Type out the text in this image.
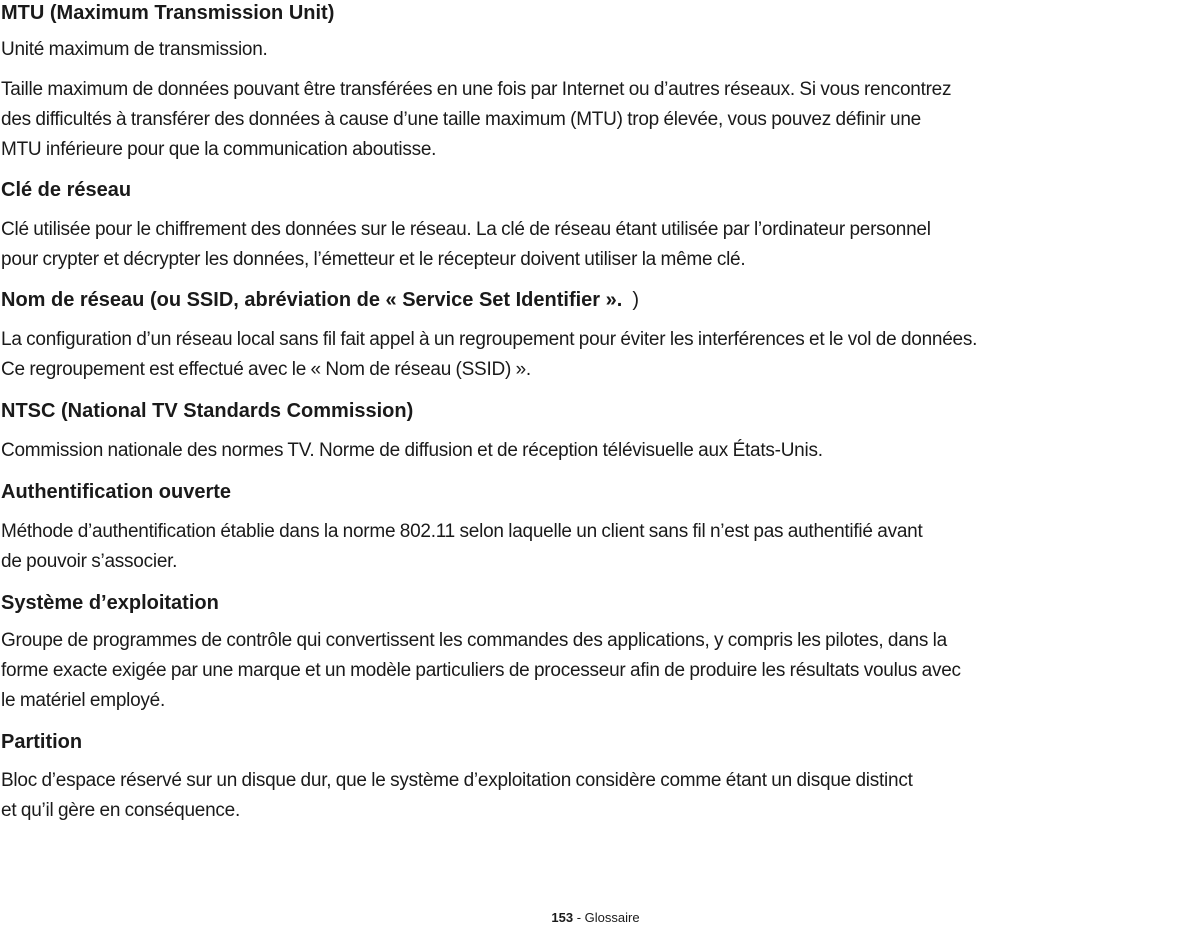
MTU (Maximum Transmission Unit)
Unité maximum de transmission.
Taille maximum de données pouvant être transférées en une fois par Internet ou d’autres réseaux. Si vous rencontrez
des difficultés à transférer des données à cause d’une taille maximum (MTU) trop élevée, vous pouvez définir une
MTU inférieure pour que la communication aboutisse.
Clé de réseau
Clé utilisée pour le chiffrement des données sur le réseau. La clé de réseau étant utilisée par l’ordinateur personnel
pour crypter et décrypter les données, l’émetteur et le récepteur doivent utiliser la même clé.
Nom de réseau (ou SSID, abréviation de « Service Set Identifier ». )
La configuration d’un réseau local sans fil fait appel à un regroupement pour éviter les interférences et le vol de données.
Ce regroupement est effectué avec le « Nom de réseau (SSID) ».
NTSC (National TV Standards Commission)
Commission nationale des normes TV. Norme de diffusion et de réception télévisuelle aux États-Unis.
Authentification ouverte
Méthode d’authentification établie dans la norme 802.11 selon laquelle un client sans fil n’est pas authentifié avant
de pouvoir s’associer.
Système d’exploitation
Groupe de programmes de contrôle qui convertissent les commandes des applications, y compris les pilotes, dans la
forme exacte exigée par une marque et un modèle particuliers de processeur afin de produire les résultats voulus avec
le matériel employé.
Partition
Bloc d’espace réservé sur un disque dur, que le système d’exploitation considère comme étant un disque distinct
et qu’il gère en conséquence.
153 - Glossaire
